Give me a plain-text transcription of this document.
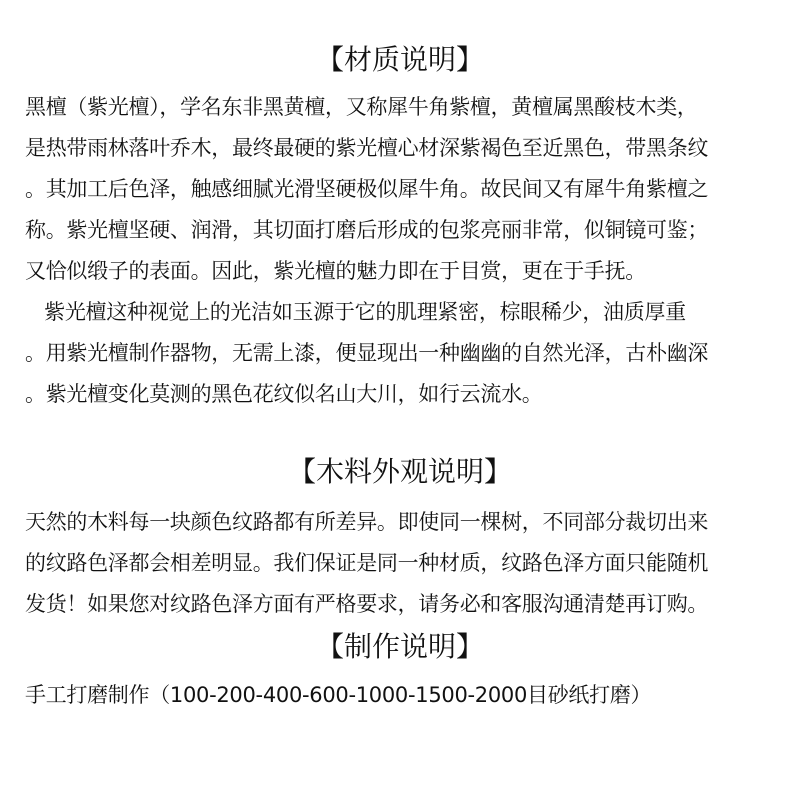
【材质说明】
黑檀（紫光檀），学名东非黑黄檀，又称犀牛角紫檀，黄檀属黑酸枝木类，
是热带雨林落叶乔木，最终最硬的紫光檀心材深紫褐色至近黑色，带黑条纹
。其加工后色泽，触感细腻光滑坚硬极似犀牛角。故民间又有犀牛角紫檀之
称。紫光檀坚硬、润滑，其切面打磨后形成的包浆亮丽非常，似铜镜可鉴；
又恰似缎子的表面。因此，紫光檀的魅力即在于目赏，更在于手抚。
紫光檀这种视觉上的光洁如玉源于它的肌理紧密，棕眼稀少，油质厚重
。用紫光檀制作器物，无需上漆，便显现出一种幽幽的自然光泽，古朴幽深
。紫光檀变化莫测的黑色花纹似名山大川，如行云流水。
【木料外观说明】
天然的木料每一块颜色纹路都有所差异。即使同一棵树，不同部分裁切出来
的纹路色泽都会相差明显。我们保证是同一种材质，纹路色泽方面只能随机
发货！如果您对纹路色泽方面有严格要求，请务必和客服沟通清楚再订购。
【制作说明】
手工打磨制作（100-200-400-600-1000-1500-2000目砂纸打磨）
